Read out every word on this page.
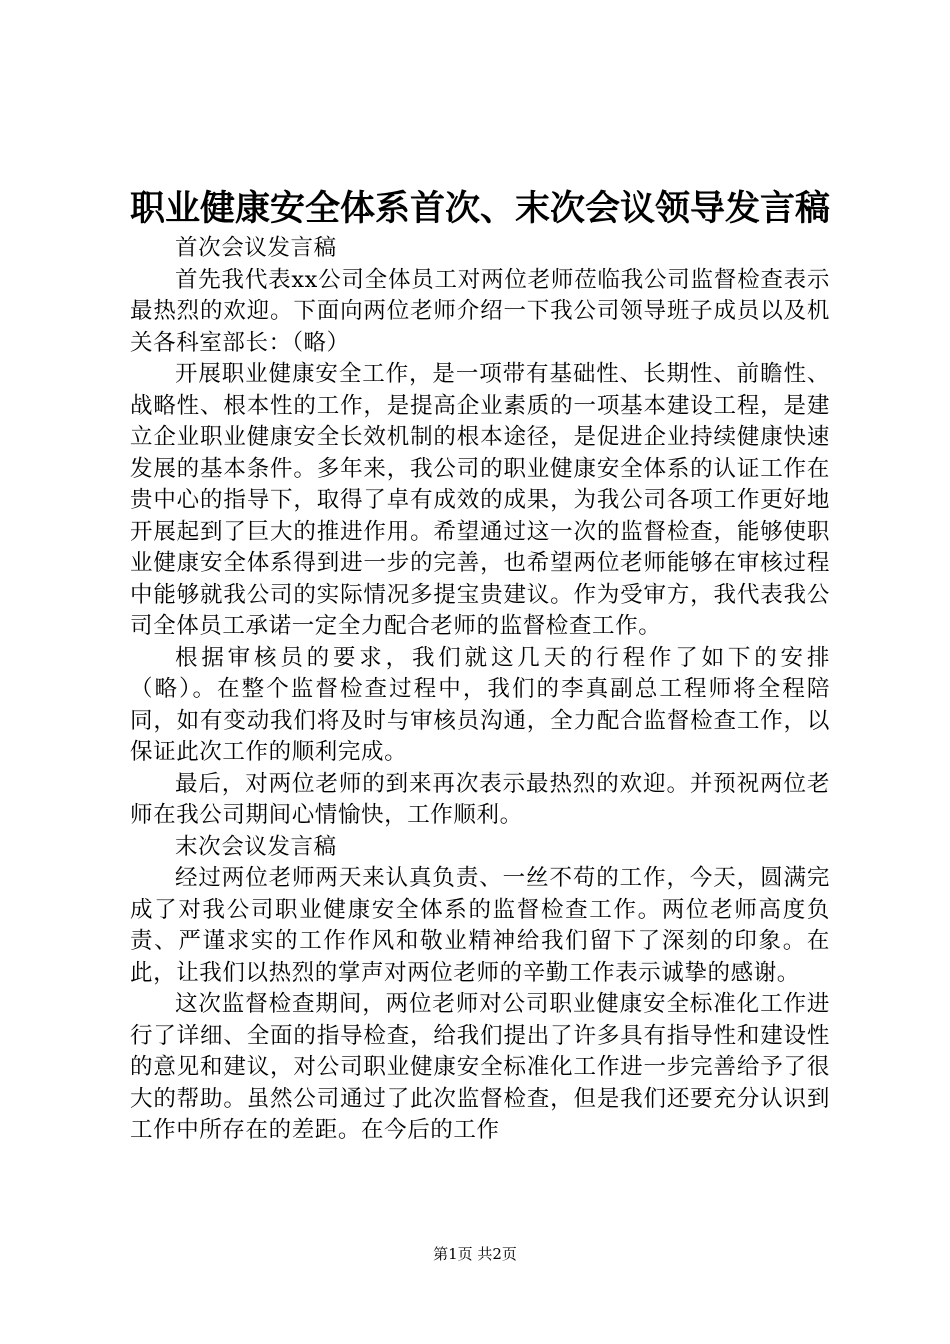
职业健康安全体系首次、末次会议领导发言稿

首次会议发言稿

首先我代表xx公司全体员工对两位老师莅临我公司监督检查表示最热烈的欢迎。下面向两位老师介绍一下我公司领导班子成员以及机关各科室部长：（略）

开展职业健康安全工作，是一项带有基础性、长期性、前瞻性、战略性、根本性的工作，是提高企业素质的一项基本建设工程，是建立企业职业健康安全长效机制的根本途径，是促进企业持续健康快速发展的基本条件。多年来，我公司的职业健康安全体系的认证工作在贵中心的指导下，取得了卓有成效的成果，为我公司各项工作更好地开展起到了巨大的推进作用。希望通过这一次的监督检查，能够使职业健康安全体系得到进一步的完善，也希望两位老师能够在审核过程中能够就我公司的实际情况多提宝贵建议。作为受审方，我代表我公司全体员工承诺一定全力配合老师的监督检查工作。

根据审核员的要求，我们就这几天的行程作了如下的安排（略）。在整个监督检查过程中，我们的李真副总工程师将全程陪同，如有变动我们将及时与审核员沟通，全力配合监督检查工作，以保证此次工作的顺利完成。

最后，对两位老师的到来再次表示最热烈的欢迎。并预祝两位老师在我公司期间心情愉快，工作顺利。

末次会议发言稿

经过两位老师两天来认真负责、一丝不苟的工作，今天，圆满完成了对我公司职业健康安全体系的监督检查工作。两位老师高度负责、严谨求实的工作作风和敬业精神给我们留下了深刻的印象。在此，让我们以热烈的掌声对两位老师的辛勤工作表示诚挚的感谢。

这次监督检查期间，两位老师对公司职业健康安全标准化工作进行了详细、全面的指导检查，给我们提出了许多具有指导性和建设性的意见和建议，对公司职业健康安全标准化工作进一步完善给予了很大的帮助。虽然公司通过了此次监督检查，但是我们还要充分认识到工作中所存在的差距。在今后的工作

第1页 共2页
